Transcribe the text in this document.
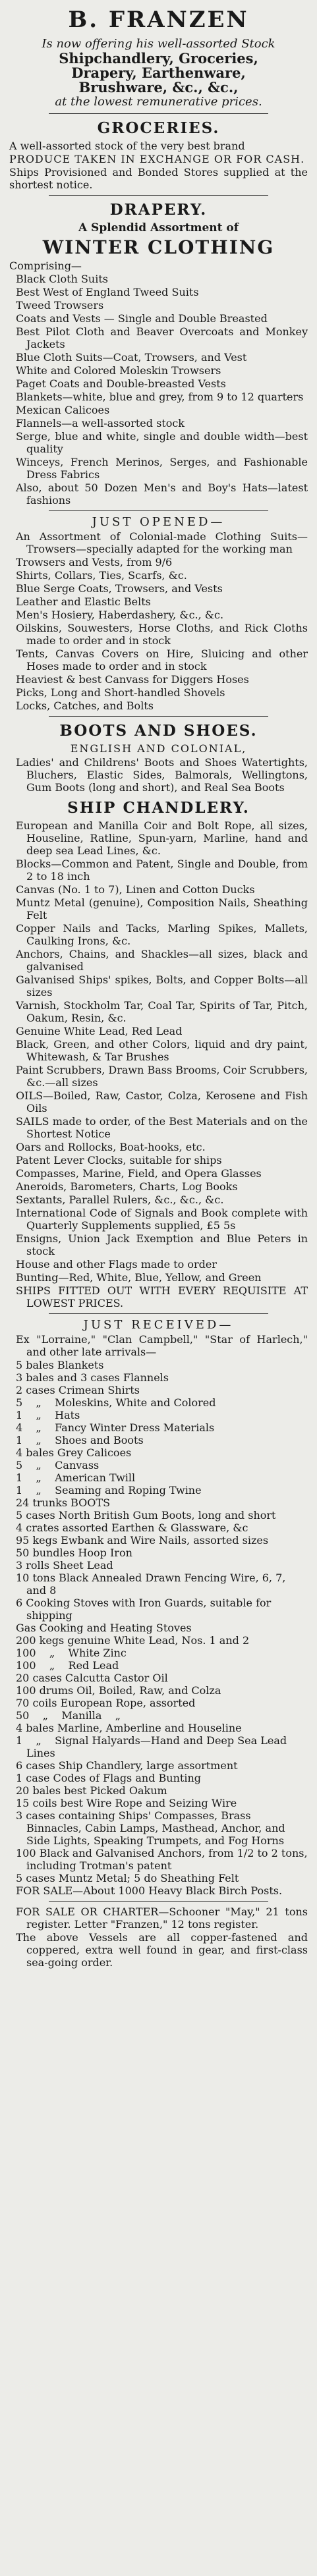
B. FRANZEN
Is now offering his well-assorted Stock
Shipchandlery, Groceries,
Drapery, Earthenware,
Brushware, &c., &c.,
at the lowest remunerative prices.
GROCERIES.
A well-assorted stock of the very best brand
PRODUCE TAKEN IN EXCHANGE OR FOR CASH.
Ships Provisioned and Bonded Stores supplied at the shortest notice.
DRAPERY.
A Splendid Assortment of
WINTER CLOTHING
Comprising—
Black Cloth Suits
Best West of England Tweed Suits
Tweed Trowsers
Coats and Vests — Single and Double Breasted
Best Pilot Cloth and Beaver Overcoats and Monkey Jackets
Blue Cloth Suits—Coat, Trowsers, and Vest
White and Colored Moleskin Trowsers
Paget Coats and Double-breasted Vests
Blankets—white, blue and grey, from 9 to 12 quarters
Mexican Calicoes
Flannels—a well-assorted stock
Serge, blue and white, single and double width—best quality
Winceys, French Merinos, Serges, and Fashionable Dress Fabrics
Also, about 50 Dozen Men's and Boy's Hats—latest fashions
JUST OPENED—
An Assortment of Colonial-made Clothing Suits—Trowsers—specially adapted for the working man
Trowsers and Vests, from 9/6
Shirts, Collars, Ties, Scarfs, &c.
Blue Serge Coats, Trowsers, and Vests
Leather and Elastic Belts
Men's Hosiery, Haberdashery, &c., &c.
Oilskins, Souwesters, Horse Cloths, and Rick Cloths made to order and in stock
Tents, Canvas Covers on Hire, Sluicing and other Hoses made to order and in stock
Heaviest & best Canvass for Diggers Hoses
Picks, Long and Short-handled Shovels
Locks, Catches, and Bolts
BOOTS AND SHOES.
ENGLISH AND COLONIAL,
Ladies' and Childrens' Boots and Shoes Watertights, Bluchers, Elastic Sides, Balmorals, Wellingtons, Gum Boots (long and short), and Real Sea Boots
SHIP CHANDLERY.
European and Manilla Coir and Bolt Rope, all sizes, Houseline, Ratline, Spun-yarn, Marline, hand and deep sea Lead Lines, &c.
Blocks—Common and Patent, Single and Double, from 2 to 18 inch
Canvas (No. 1 to 7), Linen and Cotton Ducks
Muntz Metal (genuine), Composition Nails, Sheathing Felt
Copper Nails and Tacks, Marling Spikes, Mallets, Caulking Irons, &c.
Anchors, Chains, and Shackles—all sizes, black and galvanised
Galvanised Ships' spikes, Bolts, and Copper Bolts—all sizes
Varnish, Stockholm Tar, Coal Tar, Spirits of Tar, Pitch, Oakum, Resin, &c.
Genuine White Lead, Red Lead
Black, Green, and other Colors, liquid and dry paint, Whitewash, & Tar Brushes
Paint Scrubbers, Drawn Bass Brooms, Coir Scrubbers, &c.—all sizes
OILS—Boiled, Raw, Castor, Colza, Kerosene and Fish Oils
SAILS made to order, of the Best Materials and on the Shortest Notice
Oars and Rollocks, Boat-hooks, etc.
Patent Lever Clocks, suitable for ships
Compasses, Marine, Field, and Opera Glasses
Aneroids, Barometers, Charts, Log Books
Sextants, Parallel Rulers, &c., &c., &c.
International Code of Signals and Book complete with Quarterly Supplements supplied, £5 5s
Ensigns, Union Jack Exemption and Blue Peters in stock
House and other Flags made to order
Bunting—Red, White, Blue, Yellow, and Green
SHIPS FITTED OUT WITH EVERY REQUISITE AT LOWEST PRICES.
JUST RECEIVED—
Ex "Lorraine," "Clan Campbell," "Star of Harlech," and other late arrivals—
5 bales Blankets
3 bales and 3 cases Flannels
2 cases Crimean Shirts
5    „    Moleskins, White and Colored
1    „    Hats
4    „    Fancy Winter Dress Materials
1    „    Shoes and Boots
4 bales Grey Calicoes
5    „    Canvass
1    „    American Twill
1    „    Seaming and Roping Twine
24 trunks BOOTS
5 cases North British Gum Boots, long and short
4 crates assorted Earthen & Glassware, &c
95 kegs Ewbank and Wire Nails, assorted sizes
50 bundles Hoop Iron
3 rolls Sheet Lead
10 tons Black Annealed Drawn Fencing Wire, 6, 7, and 8
6 Cooking Stoves with Iron Guards, suitable for shipping
Gas Cooking and Heating Stoves
200 kegs genuine White Lead, Nos. 1 and 2
100    „    White Zinc
100    „    Red Lead
20 cases Calcutta Castor Oil
100 drums Oil, Boiled, Raw, and Colza
70 coils European Rope, assorted
50    „    Manilla    „
4 bales Marline, Amberline and Houseline
1    „    Signal Halyards—Hand and Deep Sea Lead Lines
6 cases Ship Chandlery, large assortment
1 case Codes of Flags and Bunting
20 bales best Picked Oakum
15 coils best Wire Rope and Seizing Wire
3 cases containing Ships' Compasses, Brass Binnacles, Cabin Lamps, Masthead, Anchor, and Side Lights, Speaking Trumpets, and Fog Horns
100 Black and Galvanised Anchors, from 1/2 to 2 tons, including Trotman's patent
5 cases Muntz Metal; 5 do Sheathing Felt
FOR SALE—About 1000 Heavy Black Birch Posts.
FOR SALE OR CHARTER—Schooner "May," 21 tons register. Letter "Franzen," 12 tons register.
The above Vessels are all copper-fastened and coppered, extra well found in gear, and first-class sea-going order.
